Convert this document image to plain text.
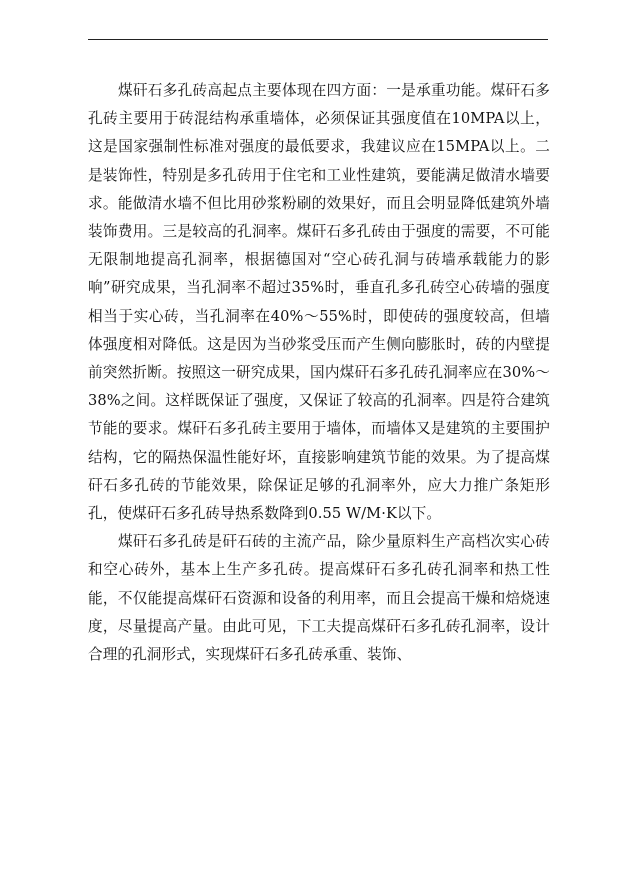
煤矸石多孔砖高起点主要体现在四方面：一是承重功能。煤矸石多孔砖主要用于砖混结构承重墙体，必须保证其强度值在10MPA以上，这是国家强制性标准对强度的最低要求，我建议应在15MPA以上。二是装饰性，特别是多孔砖用于住宅和工业性建筑，要能满足做清水墙要求。能做清水墙不但比用砂浆粉刷的效果好，而且会明显降低建筑外墙装饰费用。三是较高的孔洞率。煤矸石多孔砖由于强度的需要，不可能无限制地提高孔洞率，根据德国对“空心砖孔洞与砖墙承载能力的影响”研究成果，当孔洞率不超过35%时，垂直孔多孔砖空心砖墙的强度相当于实心砖，当孔洞率在40%～55%时，即使砖的强度较高，但墙体强度相对降低。这是因为当砂浆受压而产生侧向膨胀时，砖的内壁提前突然折断。按照这一研究成果，国内煤矸石多孔砖孔洞率应在30%～38%之间。这样既保证了强度，又保证了较高的孔洞率。四是符合建筑节能的要求。煤矸石多孔砖主要用于墙体，而墙体又是建筑的主要围护结构，它的隔热保温性能好坏，直接影响建筑节能的效果。为了提高煤矸石多孔砖的节能效果，除保证足够的孔洞率外，应大力推广条矩形孔，使煤矸石多孔砖导热系数降到0.55 W/M·K以下。

煤矸石多孔砖是矸石砖的主流产品，除少量原料生产高档次实心砖和空心砖外，基本上生产多孔砖。提高煤矸石多孔砖孔洞率和热工性能，不仅能提高煤矸石资源和设备的利用率，而且会提高干燥和焙烧速度，尽量提高产量。由此可见，下工夫提高煤矸石多孔砖孔洞率，设计合理的孔洞形式，实现煤矸石多孔砖承重、装饰、
